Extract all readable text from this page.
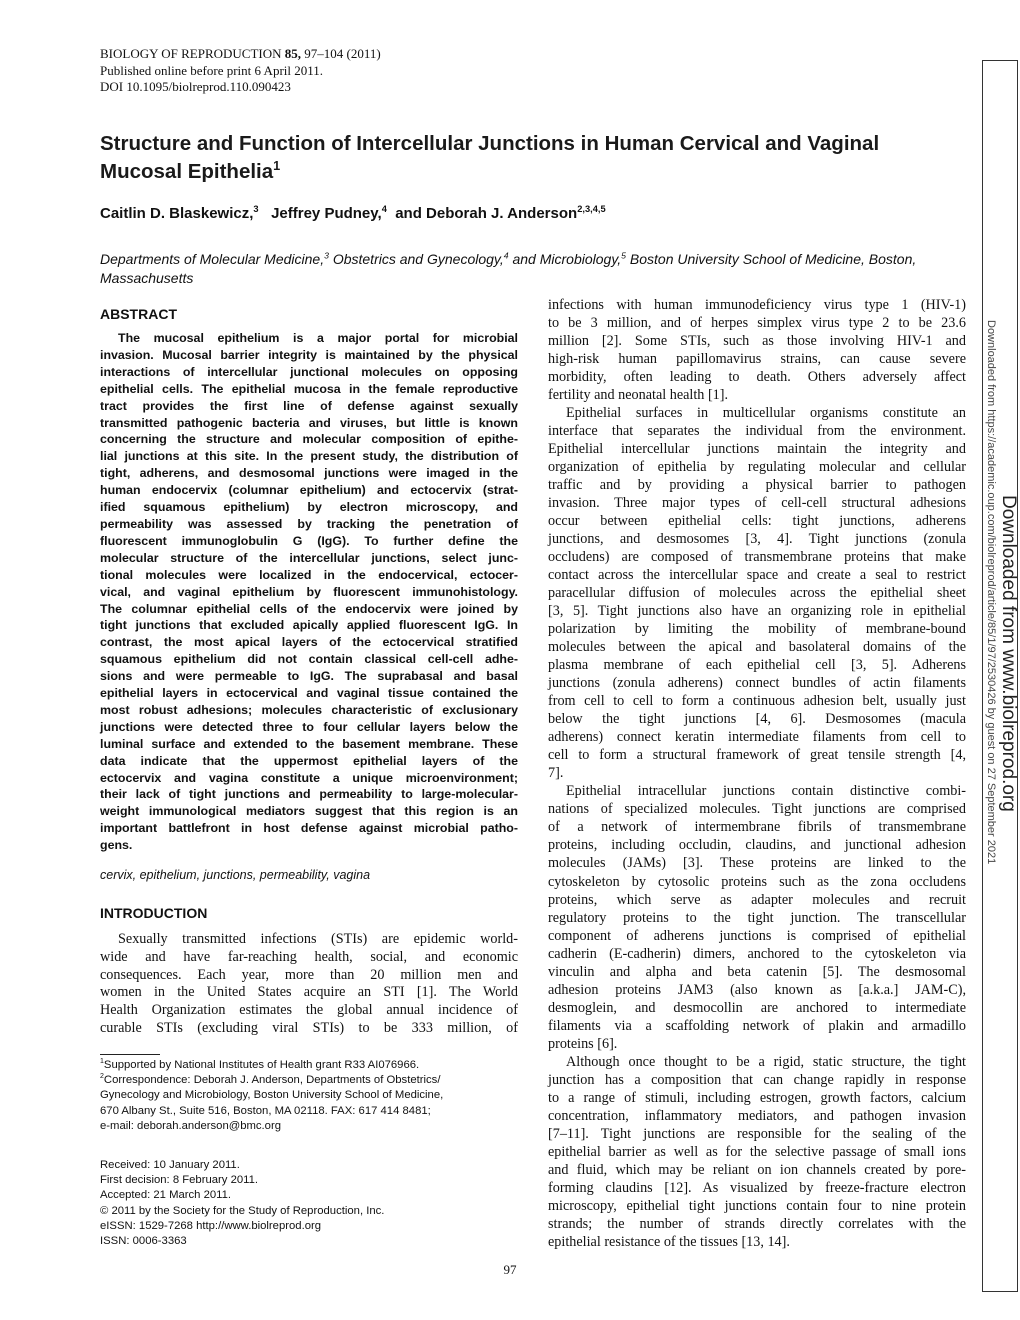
BIOLOGY OF REPRODUCTION 85, 97–104 (2011)
Published online before print 6 April 2011.
DOI 10.1095/biolreprod.110.090423
Structure and Function of Intercellular Junctions in Human Cervical and Vaginal Mucosal Epithelia$^1$
Caitlin D. Blaskewicz,$^3$ Jeffrey Pudney,$^4$ and Deborah J. Anderson$^{2,3,4,5}$
Departments of Molecular Medicine,$^3$ Obstetrics and Gynecology,$^4$ and Microbiology,$^5$ Boston University School of Medicine, Boston, Massachusetts
ABSTRACT
The mucosal epithelium is a major portal for microbial
invasion. Mucosal barrier integrity is maintained by the physical
interactions of intercellular junctional molecules on opposing
epithelial cells. The epithelial mucosa in the female reproductive
tract provides the first line of defense against sexually
transmitted pathogenic bacteria and viruses, but little is known
concerning the structure and molecular composition of epithe-
lial junctions at this site. In the present study, the distribution of
tight, adherens, and desmosomal junctions were imaged in the
human endocervix (columnar epithelium) and ectocervix (strat-
ified squamous epithelium) by electron microscopy, and
permeability was assessed by tracking the penetration of
fluorescent immunoglobulin G (IgG). To further define the
molecular structure of the intercellular junctions, select junc-
tional molecules were localized in the endocervical, ectocer-
vical, and vaginal epithelium by fluorescent immunohistology.
The columnar epithelial cells of the endocervix were joined by
tight junctions that excluded apically applied fluorescent IgG. In
contrast, the most apical layers of the ectocervical stratified
squamous epithelium did not contain classical cell-cell adhe-
sions and were permeable to IgG. The suprabasal and basal
epithelial layers in ectocervical and vaginal tissue contained the
most robust adhesions; molecules characteristic of exclusionary
junctions were detected three to four cellular layers below the
luminal surface and extended to the basement membrane. These
data indicate that the uppermost epithelial layers of the
ectocervix and vagina constitute a unique microenvironment;
their lack of tight junctions and permeability to large-molecular-
weight immunological mediators suggest that this region is an
important battlefront in host defense against microbial patho-
gens.
cervix, epithelium, junctions, permeability, vagina
INTRODUCTION
Sexually transmitted infections (STIs) are epidemic world-
wide and have far-reaching health, social, and economic
consequences. Each year, more than 20 million men and
women in the United States acquire an STI [1]. The World
Health Organization estimates the global annual incidence of
curable STIs (excluding viral STIs) to be 333 million, of
$^1$Supported by National Institutes of Health grant R33 AI076966.
$^2$Correspondence: Deborah J. Anderson, Departments of Obstetrics/
Gynecology and Microbiology, Boston University School of Medicine,
670 Albany St., Suite 516, Boston, MA 02118. FAX: 617 414 8481;
e-mail: deborah.anderson@bmc.org
Received: 10 January 2011.
First decision: 8 February 2011.
Accepted: 21 March 2011.
© 2011 by the Society for the Study of Reproduction, Inc.
eISSN: 1529-7268 http://www.biolreprod.org
ISSN: 0006-3363
infections with human immunodeficiency virus type 1 (HIV-1)
to be 3 million, and of herpes simplex virus type 2 to be 23.6
million [2]. Some STIs, such as those involving HIV-1 and
high-risk human papillomavirus strains, can cause severe
morbidity, often leading to death. Others adversely affect
fertility and neonatal health [1].
Epithelial surfaces in multicellular organisms constitute an
interface that separates the individual from the environment.
Epithelial intercellular junctions maintain the integrity and
organization of epithelia by regulating molecular and cellular
traffic and by providing a physical barrier to pathogen
invasion. Three major types of cell-cell structural adhesions
occur between epithelial cells: tight junctions, adherens
junctions, and desmosomes [3, 4]. Tight junctions (zonula
occludens) are composed of transmembrane proteins that make
contact across the intercellular space and create a seal to restrict
paracellular diffusion of molecules across the epithelial sheet
[3, 5]. Tight junctions also have an organizing role in epithelial
polarization by limiting the mobility of membrane-bound
molecules between the apical and basolateral domains of the
plasma membrane of each epithelial cell [3, 5]. Adherens
junctions (zonula adherens) connect bundles of actin filaments
from cell to cell to form a continuous adhesion belt, usually just
below the tight junctions [4, 6]. Desmosomes (macula
adherens) connect keratin intermediate filaments from cell to
cell to form a structural framework of great tensile strength [4,
7].
Epithelial intracellular junctions contain distinctive combi-
nations of specialized molecules. Tight junctions are comprised
of a network of intermembrane fibrils of transmembrane
proteins, including occludin, claudins, and junctional adhesion
molecules (JAMs) [3]. These proteins are linked to the
cytoskeleton by cytosolic proteins such as the zona occludens
proteins, which serve as adapter molecules and recruit
regulatory proteins to the tight junction. The transcellular
component of adherens junctions is comprised of epithelial
cadherin (E-cadherin) dimers, anchored to the cytoskeleton via
vinculin and alpha and beta catenin [5]. The desmosomal
adhesion proteins JAM3 (also known as [a.k.a.] JAM-C),
desmoglein, and desmocollin are anchored to intermediate
filaments via a scaffolding network of plakin and armadillo
proteins [6].
Although once thought to be a rigid, static structure, the tight
junction has a composition that can change rapidly in response
to a range of stimuli, including estrogen, growth factors, calcium
concentration, inflammatory mediators, and pathogen invasion
[7–11]. Tight junctions are responsible for the sealing of the
epithelial barrier as well as for the selective passage of small ions
and fluid, which may be reliant on ion channels created by pore-
forming claudins [12]. As visualized by freeze-fracture electron
microscopy, epithelial tight junctions contain four to nine protein
strands; the number of strands directly correlates with the
epithelial resistance of the tissues [13, 14].
97
Downloaded from https://academic.oup.com/biolreprod/article/85/1/97/2530426 by guest on 27 September 2021 Downloaded from www.biolreprod.org
